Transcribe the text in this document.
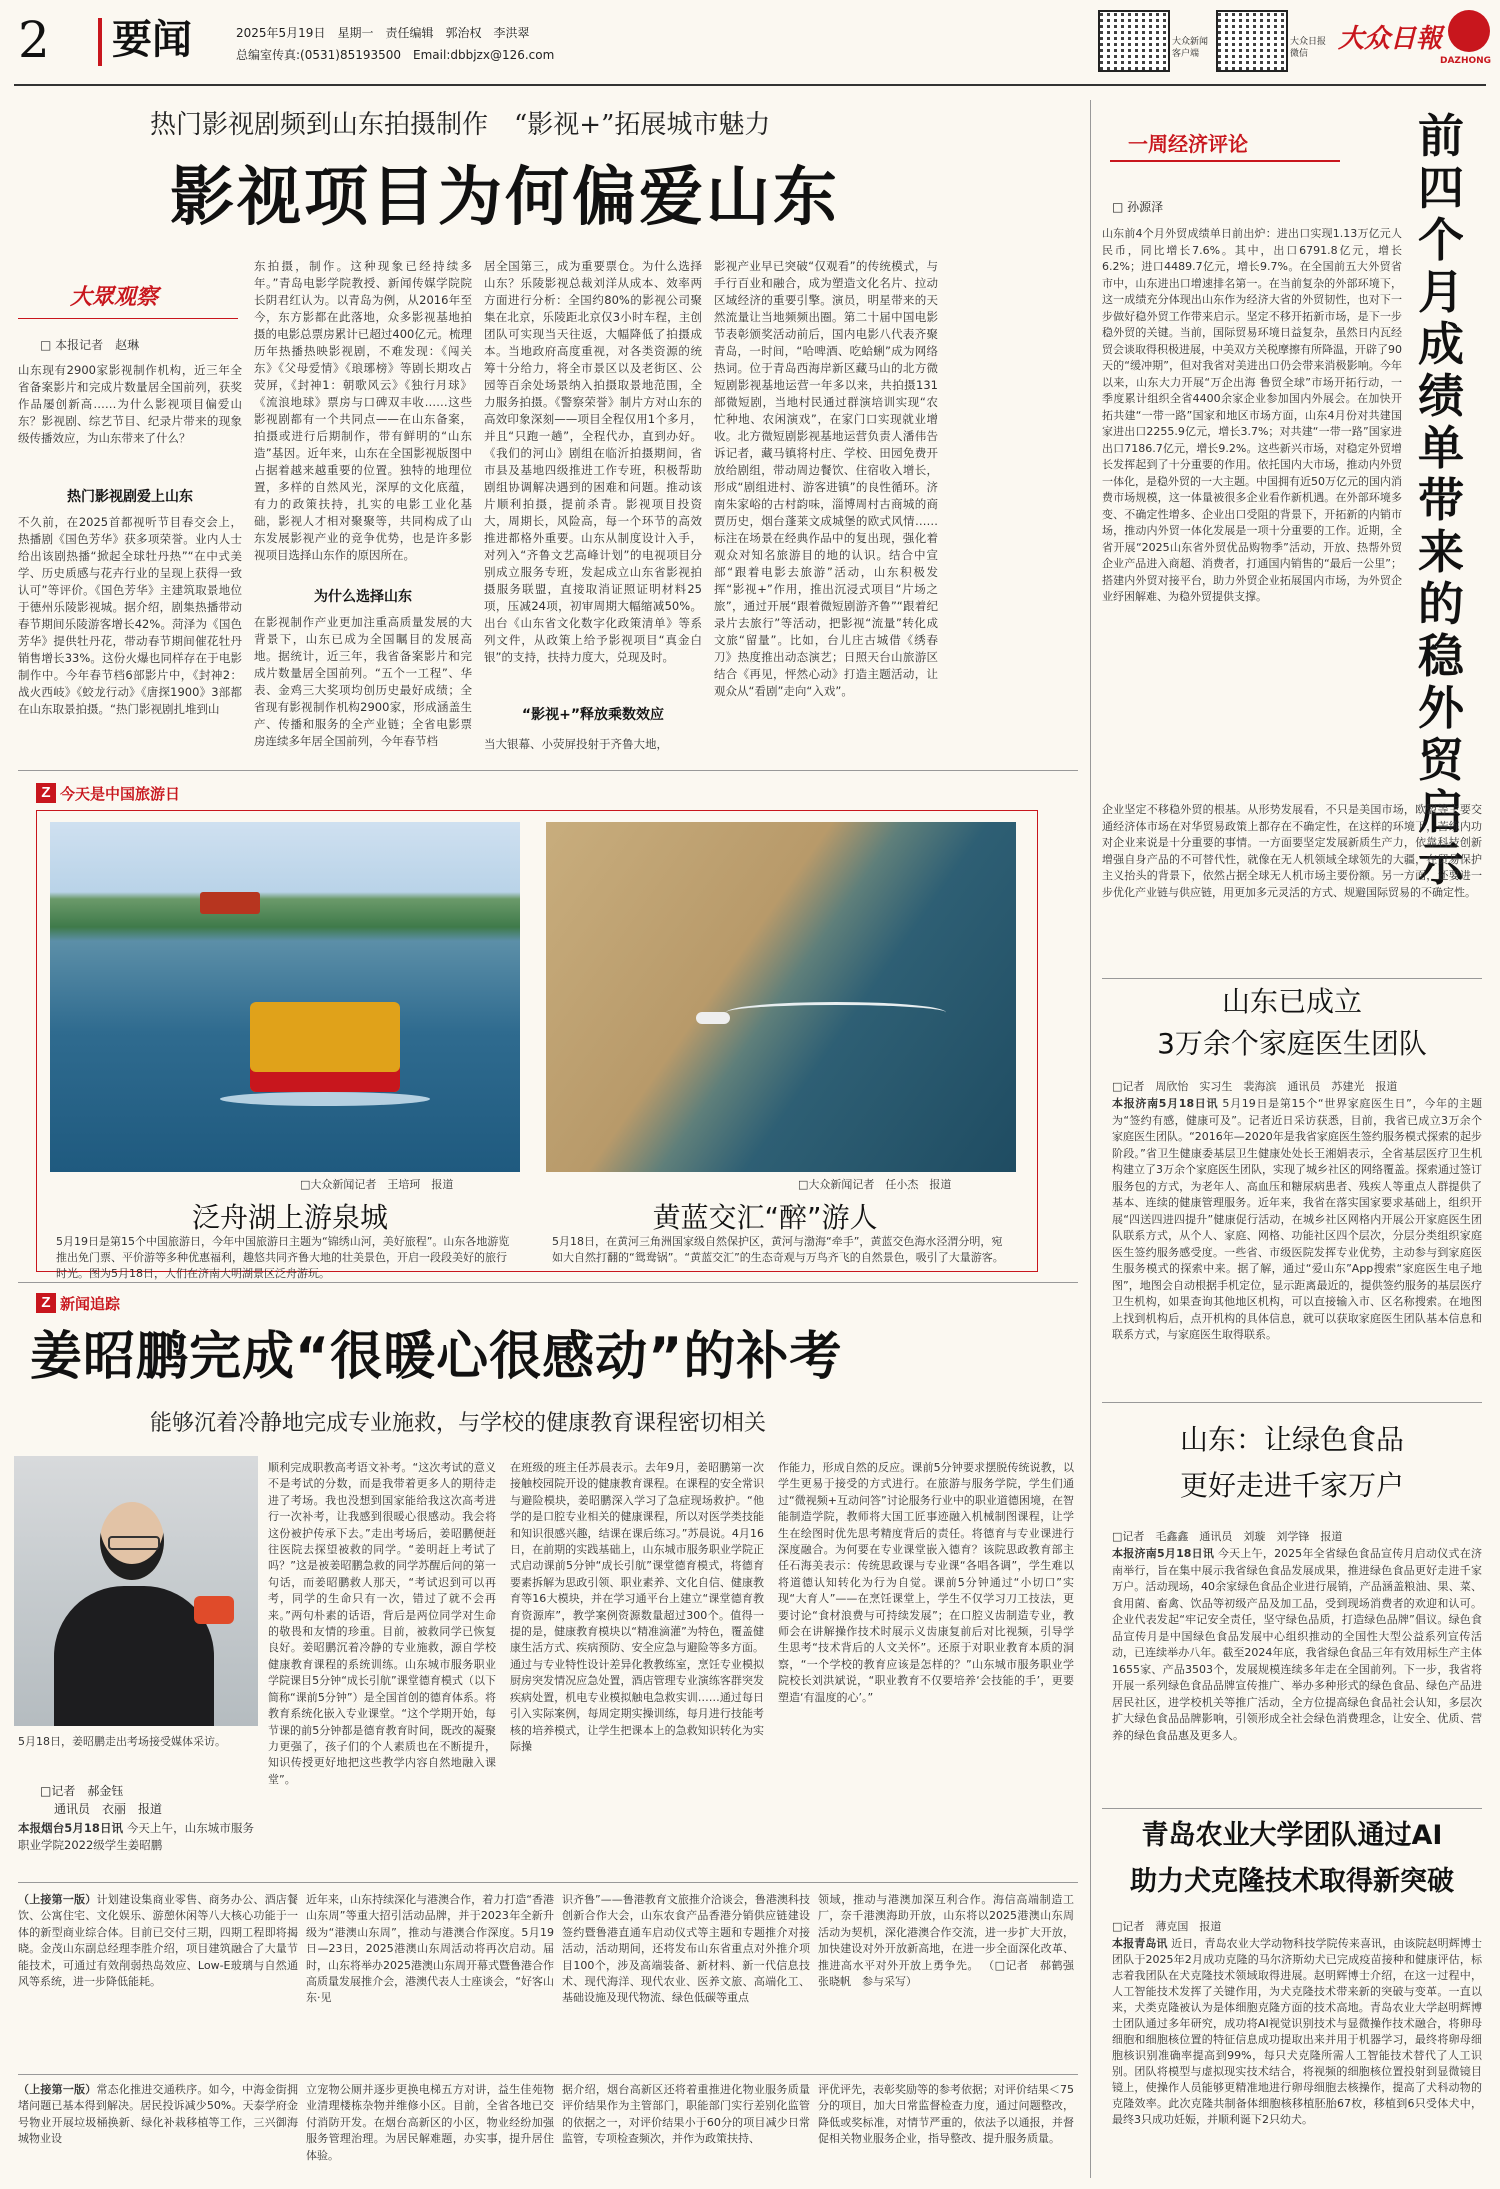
2	要闻	2025年5月19日　星期一　责任编辑　郭治权　李洪翠
总编室传真:(0531)85193500　Email:dbbjzx@126.com
大众新闻客户端
大众日报微信	大众日報
DAZHONG
热门影视剧频到山东拍摄制作　“影视+”拓展城市魅力
影视项目为何偏爱山东
大眾观察
□ 本报记者　赵琳
山东现有2900家影视制作机构，近三年全省备案影片和完成片数量居全国前列，获奖作品屡创新高……为什么影视项目偏爱山东？影视剧、综艺节目、纪录片带来的现象级传播效应，为山东带来了什么？
热门影视剧爱上山东
不久前，在2025首都视听节目春交会上，热播剧《国色芳华》获多项荣誉。业内人士给出该剧热播“掀起全球牡丹热”“在中式美学、历史质感与花卉行业的呈现上获得一致认可”等评价。《国色芳华》主建筑取景地位于德州乐陵影视城。据介绍，剧集热播带动春节期间乐陵游客增长42%。菏泽为《国色芳华》提供牡丹花，带动春节期间催花牡丹销售增长33%。这份火爆也同样存在于电影制作中。今年春节档6部影片中，《封神2：战火西岐》《蛟龙行动》《唐探1900》3部都在山东取景拍摄。“热门影视剧扎堆到山
东拍摄，制作。这种现象已经持续多年。”青岛电影学院教授、新闻传媒学院院长阴君红认为。以青岛为例，从2016年至今，东方影都在此落地，众多影视基地拍摄的电影总票房累计已超过400亿元。梳理历年热播热映影视剧，不难发现：《闯关东》《父母爱情》《琅琊榜》等剧长期攻占荧屏，《封神1：朝歌风云》《独行月球》《流浪地球》票房与口碑双丰收……这些影视剧都有一个共同点——在山东备案，拍摄或进行后期制作，带有鲜明的“山东造”基因。近年来，山东在全国影视版图中占据着越来越重要的位置。独特的地理位置，多样的自然风光，深厚的文化底蕴，有力的政策扶持，扎实的电影工业化基础，影视人才相对聚聚等，共同构成了山东发展影视产业的竞争优势，也是许多影视项目选择山东作的原因所在。
为什么选择山东
在影视制作产业更加注重高质量发展的大背景下，山东已成为全国瞩目的发展高地。据统计，近三年，我省备案影片和完成片数量居全国前列。“五个一工程”、华表、金鸡三大奖项均创历史最好成绩；全省现有影视制作机构2900家，形成涵盖生产、传播和服务的全产业链；全省电影票房连续多年居全国前列，今年春节档
居全国第三，成为重要票仓。为什么选择山东？乐陵影视总裁刘洋从成本、效率两方面进行分析：全国约80%的影视公司聚集在北京，乐陵距北京仅3小时车程，主创团队可实现当天往返，大幅降低了拍摄成本。当地政府高度重视，对各类资源的统筹十分给力，将全市景区以及老街区、公园等百余处场景纳入拍摄取景地范围，全力服务拍摄。《警察荣誉》制片方对山东的高效印象深刻——项目全程仅用1个多月，并且“只跑一趟”，全程代办，直到办好。《我们的河山》剧组在临沂拍摄期间，省市县及基地四级推进工作专班，积极帮助剧组协调解决遇到的困难和问题。推动该片顺利拍摄，提前杀青。影视项目投资大，周期长，风险高，每一个环节的高效推进都格外重要。山东从制度设计入手，对列入“齐鲁文艺高峰计划”的电视项目分别成立服务专班，发起成立山东省影视拍摄服务联盟，直接取消证照证明材料25项，压减24项，初审周期大幅缩减50%。出台《山东省文化数字化政策清单》等系列文件，从政策上给予影视项目“真金白银”的支持，扶持力度大，兑现及时。
“影视+”释放乘数效应
当大银幕、小荧屏投射于齐鲁大地，
影视产业早已突破“仅观看”的传统模式，与手行百业和融合，成为塑造文化名片、拉动区域经济的重要引擎。演员，明星带来的天然流量让当地频频出圈。第二十届中国电影节表彰颁奖活动前后，国内电影八代表齐聚青岛，一时间，“哈啤酒、吃蛤蜊”成为网络热词。位于青岛西海岸新区藏马山的北方微短剧影视基地运营一年多以来，共拍摄131部微短剧，当地村民通过群演培训实现“农忙种地、农闲演戏”，在家门口实现就业增收。北方微短剧影视基地运营负责人潘伟告诉记者，藏马镇将村庄、学校、田园免费开放给剧组，带动周边餐饮、住宿收入增长，形成“剧组进村、游客进镇”的良性循环。济南朱家峪的古村韵味，淄博周村古商城的商贾历史，烟台蓬莱文成城堡的欧式风情……标注在场景在经典作品中的复出现，强化着观众对知名旅游目的地的认识。结合中宣部“跟着电影去旅游”活动，山东积极发挥“影视+”作用，推出沉浸式项目“片场之旅”，通过开展“跟着微短剧游齐鲁”“跟着纪录片去旅行”等活动，把影视“流量”转化成文旅“留量”。比如，台儿庄古城借《绣春刀》热度推出动态演艺；日照天台山旅游区结合《再见，怦然心动》打造主题活动，让观众从“看剧”走向“入戏”。
一周经济评论
□ 孙源泽
前四个月成绩单带来的稳外贸启示
山东前4个月外贸成绩单日前出炉：进出口实现1.13万亿元人民币，同比增长7.6%。其中，出口6791.8亿元，增长6.2%；进口4489.7亿元，增长9.7%。在全国前五大外贸省市中，山东进出口增速排名第一。在当前复杂的外部环境下，这一成绩充分体现出山东作为经济大省的外贸韧性，也对下一步做好稳外贸工作带来启示。坚定不移开拓新市场，是下一步稳外贸的关键。当前，国际贸易环境日益复杂，虽然日内瓦经贸会谈取得积极进展，中美双方关税摩擦有所降温，开辟了90天的“缓冲期”，但对我省对美进出口仍会带来消极影响。今年以来，山东大力开展“万企出海 鲁贸全球”市场开拓行动，一季度累计组织全省4400余家企业参加国内外展会。在加快开拓共建“一带一路”国家和地区市场方面，山东4月份对共建国家进出口2255.9亿元，增长3.7%；对共建“一带一路”国家进出口7186.7亿元，增长9.2%。这些新兴市场，对稳定外贸增长发挥起到了十分重要的作用。依托国内大市场，推动内外贸一体化，是稳外贸的一大主题。中国拥有近50万亿元的国内消费市场规模，这一体量被很多企业看作新机遇。在外部环境多变、不确定性增多、企业出口受阻的背景下，开拓新的内销市场，推动内外贸一体化发展是一项十分重要的工作。近期，全省开展“2025山东省外贸优品购物季”活动，开放、热帮外贸企业产品进入商超、消费者，打通国内销售的“最后一公里”；搭建内外贸对接平台，助力外贸企业拓展国内市场，为外贸企业纾困解难、为稳外贸提供支撑。
企业坚定不移稳外贸的根基。从形势发展看，不只是美国市场，欧盟等主要交通经济体市场在对华贸易政策上都存在不确定性，在这样的环境下，苦练内功对企业来说是十分重要的事情。一方面要坚定发展新质生产力，依靠科技创新增强自身产品的不可替代性，就像在无人机领域全球领先的大疆，在贸易保护主义抬头的背景下，依然占据全球无人机市场主要份额。另一方面，还要进一步优化产业链与供应链，用更加多元灵活的方式、规避国际贸易的不确定性。
Z 今天是中国旅游日
□大众新闻记者　王培珂　报道
泛舟湖上游泉城
5月19日是第15个中国旅游日，今年中国旅游日主题为“锦绣山河，美好旅程”。山东各地游览推出免门票、平价游等多种优惠福利，趣悠共同齐鲁大地的壮美景色，开启一段段美好的旅行时光。图为5月18日，人们在济南大明湖景区泛舟游玩。
□大众新闻记者　任小杰　报道
黄蓝交汇“醉”游人
5月18日，在黄河三角洲国家级自然保护区，黄河与渤海“牵手”，黄蓝交色海水泾渭分明，宛如大自然打翻的“鸳鸯锅”。“黄蓝交汇”的生态奇观与万鸟齐飞的自然景色，吸引了大量游客。
山东已成立
3万余个家庭医生团队
□记者　周欣怡　实习生　裴海滨　通讯员　苏建光　报道
本报济南5月18日讯 5月19日是第15个“世界家庭医生日”，今年的主题为“签约有感，健康可及”。记者近日采访获悉，目前，我省已成立3万余个家庭医生团队。“2016年—2020年是我省家庭医生签约服务模式探索的起步阶段。”省卫生健康委基层卫生健康处处长王湘娟表示，全省基层医疗卫生机构建立了3万余个家庭医生团队，实现了城乡社区的网络覆盖。探索通过签订服务包的方式，为老年人、高血压和糖尿病患者、残疾人等重点人群提供了基本、连续的健康管理服务。近年来，我省在落实国家要求基础上，组织开展“四送四进四提升”健康促行活动，在城乡社区网格内开展公开家庭医生团队联系方式，从个人、家庭、网格、功能社区四个层次，分层分类组织家庭医生签约服务感受度。一些省、市级医院发挥专业优势，主动参与到家庭医生服务模式的探索中来。据了解，通过“爱山东”App搜索“家庭医生电子地图”，地图会自动根据手机定位，显示距离最近的，提供签约服务的基层医疗卫生机构，如果查询其他地区机构，可以直接输入市、区名称搜索。在地图上找到机构后，点开机构的具体信息，就可以获取家庭医生团队基本信息和联系方式，与家庭医生取得联系。
山东：让绿色食品
更好走进千家万户
□记者　毛鑫鑫　通讯员　刘璇　刘学锋　报道
本报济南5月18日讯 今天上午，2025年全省绿色食品宣传月启动仪式在济南举行，旨在集中展示我省绿色食品发展成果，推进绿色食品更好走进千家万户。活动现场，40余家绿色食品企业进行展销，产品涵盖粮油、果、菜、食用菌、畜禽、饮品等初级产品及加工品，受到现场消费者的欢迎和认可。企业代表发起“牢记安全责任，坚守绿色品质，打造绿色品牌”倡议。绿色食品宣传月是中国绿色食品发展中心组织推动的全国性大型公益系列宣传活动，已连续举办八年。截至2024年底，我省绿色食品三年有效用标生产主体1655家、产品3503个，发展规模连续多年走在全国前列。下一步，我省将开展一系列绿色食品品牌宣传推广、举办多种形式的绿色食品、绿色产品进居民社区，进学校机关等推广活动，全方位提高绿色食品社会认知，多层次扩大绿色食品品牌影响，引领形成全社会绿色消费理念，让安全、优质、营养的绿色食品惠及更多人。
青岛农业大学团队通过AI
助力犬克隆技术取得新突破
□记者　薄克国　报道
本报青岛讯 近日，青岛农业大学动物科技学院传来喜讯，由该院赵明辉博士团队于2025年2月成功克隆的马尔济斯幼犬已完成疫苗接种和健康评估，标志着我团队在犬克隆技术领域取得进展。赵明辉博士介绍，在这一过程中，人工智能技术发挥了关键作用，为犬克隆技术带来新的突破与变革。一直以来，犬类克隆被认为是体细胞克隆方面的技术高地。青岛农业大学赵明辉博士团队通过多年研究，成功将AI视觉识别技术与显微操作技术融合，将卵母细胞和细胞核位置的特征信息成功提取出来并用于机器学习，最终将卵母细胞核识别准确率提高到99%，每只犬克隆所需人工智能技术替代了人工识别。团队将模型与虚拟现实技术结合，将视频的细胞核位置投射到显微镜目镜上，使操作人员能够更精准地进行卵母细胞去核操作，提高了犬科动物的克隆效率。此次克隆共制备体细胞核移植胚胎67枚，移植到6只受体犬中，最终3只成功妊娠，并顺利诞下2只幼犬。
Z 新闻追踪
姜昭鹏完成“很暖心很感动”的补考
能够沉着冷静地完成专业施救，与学校的健康教育课程密切相关
5月18日，姜昭鹏走出考场接受媒体采访。
□记者　郝金钰
通讯员　衣丽　报道
本报烟台5月18日讯 今天上午，山东城市服务职业学院2022级学生姜昭鹏
顺利完成职教高考语文补考。“这次考试的意义不是考试的分数，而是我带着更多人的期待走进了考场。我也没想到国家能给我这次高考进行一次补考，让我感到很暖心很感动。我会将这份被护传承下去。”走出考场后，姜昭鹏便赶往医院去探望被救的同学。“姜明赶上考试了吗？”这是被姜昭鹏急救的同学苏醒后问的第一句话，而姜昭鹏救人那天，“考试迟到可以再考，同学的生命只有一次，错过了就不会再来。”两句朴素的话语，背后是两位同学对生命的敬畏和友情的珍重。目前，被救同学已恢复良好。姜昭鹏沉着冷静的专业施救，源自学校健康教育课程的系统训练。山东城市服务职业学院课目5分钟“成长引航”课堂德育模式（以下简称“课前5分钟”）是全国首创的德育体系。将教育系统化嵌入专业课堂。“这个学期开始，每节课的前5分钟都是德育教育时间，既改的凝聚力更强了，孩子们的个人素质也在不断提升，知识传授更好地把这些教学内容自然地融入课堂”。
在班级的班主任苏晨表示。去年9月，姜昭鹏第一次接触校园院开设的健康教育课程。在课程的安全常识与避险模块，姜昭鹏深入学习了急症现场救护。“他学的是口腔专业相关的健康课程，所以对医学类技能和知识很感兴趣，结课在课后练习。”苏晨说。4月16日，在前期的实践基础上，山东城市服务职业学院正式启动课前5分钟“成长引航”课堂德育模式，将德育要素拆解为思政引领、职业素养、文化自信、健康教育等16大模块，并在学习通平台上建立“课堂德育教育资源库”，教学案例资源数量超过300个。值得一提的是，健康教育模块以“精准滴灌”为特色，覆盖健康生活方式、疾病预防、安全应急与避险等多方面。通过与专业特性设计差异化教教练室，烹饪专业模拟厨房突发情况应急处置，酒店管理专业演练客群突发疾病处置，机电专业模拟触电急救实训……通过每日引入实际案例，每周定期实操训练，每月进行技能考核的培养模式，让学生把课本上的急救知识转化为实际操
作能力，形成自然的反应。课前5分钟要求摆脱传统说教，以学生更易于接受的方式进行。在旅游与服务学院，学生们通过“微视频+互动问答”讨论服务行业中的职业道德困境，在智能制造学院，教师将大国工匠事迹融入机械制图课程，让学生在绘图时优先思考精度背后的责任。将德育与专业课进行深度融合。为何要在专业课堂嵌入德育？该院思政教育部主任石海美表示：传统思政课与专业课“各唱各调”，学生难以将道德认知转化为行为自觉。课前5分钟通过“小切口”实现“大育人”——在烹饪课堂上，学生不仅学习刀工技法，更要讨论“食材浪费与可持续发展”；在口腔义齿制造专业，教师会在讲解操作技术时展示义齿康复前后对比视频，引导学生思考“技术背后的人文关怀”。还原于对职业教育本质的洞察，“一个学校的教育应该是怎样的？”山东城市服务职业学院校长刘洪斌说，“职业教育不仅要培养‘会技能的手’，更要塑造‘有温度的心’。”
（上接第一版）计划建设集商业零售、商务办公、酒店餐饮、公寓住宅、文化娱乐、游憩休闲等八大核心功能于一体的新型商业综合体。目前已交付三期，四期工程即将揭晓。金茂山东副总经理李胜介绍，项目建筑融合了大量节能技术，可通过有效削弱热岛效应、Low-E玻璃与自然通风等系统，进一步降低能耗。
近年来，山东持续深化与港澳合作，着力打造“香港山东周”等重大招引活动品牌，并于2023年全新升级为“港澳山东周”，推动与港澳合作深度。5月19日—23日，2025港澳山东周活动将再次启动。届时，山东将举办2025港澳山东周开幕式暨鲁港合作高质量发展推介会，港澳代表人士座谈会，“好客山东·见
识齐鲁”——鲁港教育文旅推介洽谈会，鲁港澳科技创新合作大会，山东农食产品香港分销供应链建设签约暨鲁港直通车启动仪式等主题和专题推介对接活动，活动期间，还将发布山东省重点对外推介项目100个，涉及高端装备、新材料、新一代信息技术、现代海洋、现代农业、医养文旅、高端化工、基础设施及现代物流、绿色低碳等重点
领域，推动与港澳加深互利合作。海信高端制造工厂，奈千港澳海助开放，山东将以2025港澳山东周活动为契机，深化港澳合作交流，进一步扩大开放，加快建设对外开放新高地，在进一步全面深化改革、推进高水平对外开放上勇争先。 （□记者　郝鹤强　张晓帆　参与采写）
（上接第一版）常态化推进交通秩序。如今，中海金街拥堵问题已基本得到解决。居民投诉减少50%。天泰学府金号物业开展垃圾桶换新、绿化补栽移植等工作，三兴御海城物业设
立宠物公厕并逐步更换电梯五方对讲，益生佳苑物业清理楼栋杂物并维修小区。目前，全省各地已交付消防开发。在烟台高新区的小区，物业经纷加强服务管理治理。为居民解难题，办实事，提升居住体验。
据介绍，烟台高新区还将着重推进化物业服务质量评价结果作为主管部门，职能部门实行差别化监管的依据之一，对评价结果小于60分的项目减少日常监管，专项检查频次，并作为政策扶持、
评优评先，表彰奖励等的参考依据；对评价结果＜75分的项目，加大日常监督检查力度，通过问题整改，降低或奖标准，对情节严重的，依法予以通报，并督促相关物业服务企业，指导整改、提升服务质量。
